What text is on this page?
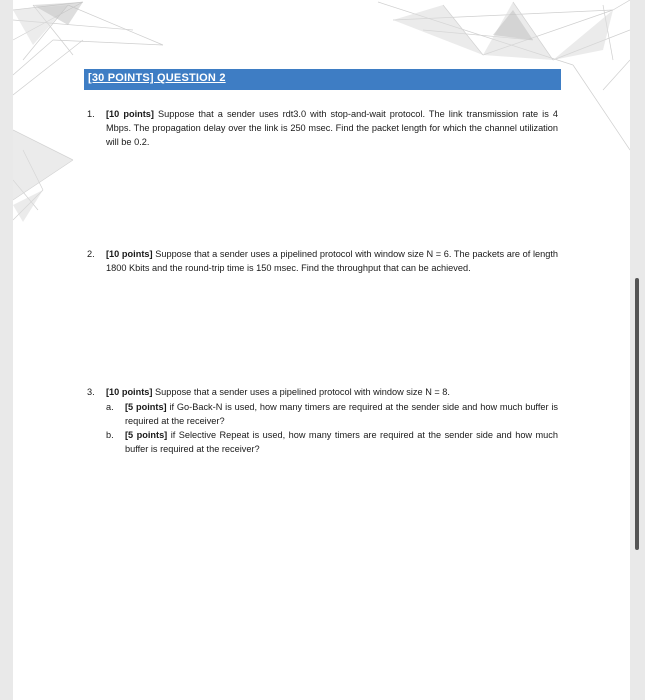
[30 POINTS] QUESTION 2
1. [10 points] Suppose that a sender uses rdt3.0 with stop-and-wait protocol. The link transmission rate is 4 Mbps. The propagation delay over the link is 250 msec. Find the packet length for which the channel utilization will be 0.2.
2. [10 points] Suppose that a sender uses a pipelined protocol with window size N = 6. The packets are of length 1800 Kbits and the round-trip time is 150 msec. Find the throughput that can be achieved.
3. [10 points] Suppose that a sender uses a pipelined protocol with window size N = 8.
a. [5 points] if Go-Back-N is used, how many timers are required at the sender side and how much buffer is required at the receiver?
b. [5 points] if Selective Repeat is used, how many timers are required at the sender side and how much buffer is required at the receiver?
